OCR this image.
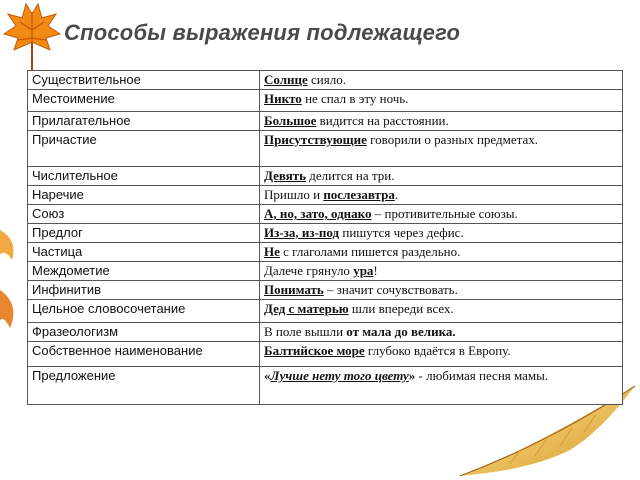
Способы выражения подлежащего
Существительное	Солнце сияло.
Местоимение	Никто не спал в эту ночь.
Прилагательное	Большое видится на расстоянии.
Причастие	Присутствующие говорили о разных предметах.
Числительное	Девять делится на три.
Наречие	Пришло и послезавтра.
Союз	А, но, зато, однако – противительные союзы.
Предлог	Из-за, из-под пишутся через дефис.
Частица	Не с глаголами пишется раздельно.
Междометие	Далече грянуло ура!
Инфинитив	Понимать – значит сочувствовать.
Цельное словосочетание	Дед с матерью шли впереди всех.
Фразеологизм	В поле вышли от мала до велика.
Собственное наименование	Балтийское море глубоко вдаётся в Европу.
Предложение	«Лучше нету того цвету» - любимая песня мамы.
